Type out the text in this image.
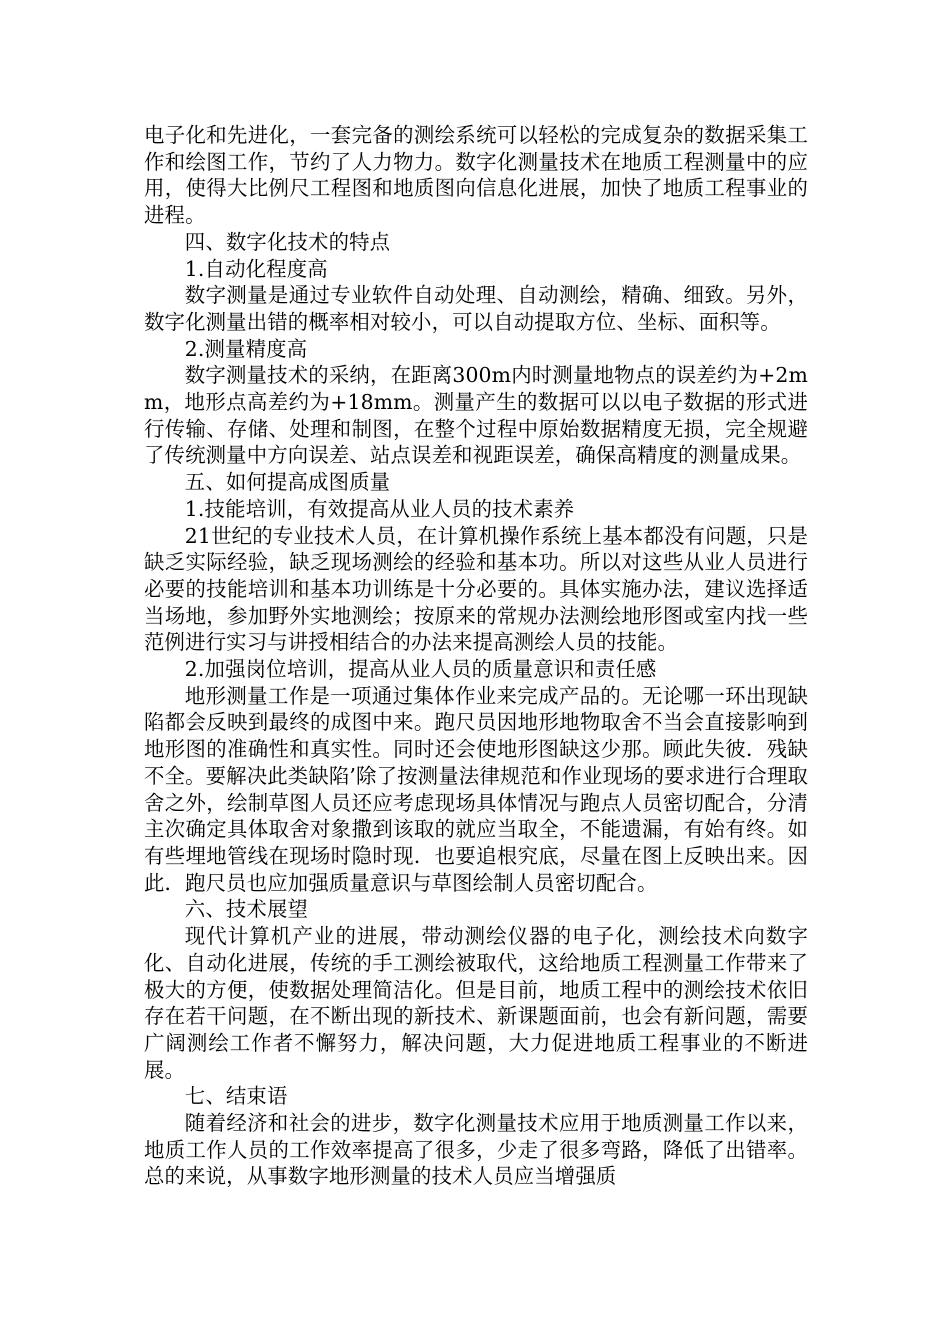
电子化和先进化，一套完备的测绘系统可以轻松的完成复杂的数据采集工作和绘图工作，节约了人力物力。数字化测量技术在地质工程测量中的应用，使得大比例尺工程图和地质图向信息化进展，加快了地质工程事业的进程。

四、数字化技术的特点

1.自动化程度高

数字测量是通过专业软件自动处理、自动测绘，精确、细致。另外，数字化测量出错的概率相对较小，可以自动提取方位、坐标、面积等。

2.测量精度高

数字测量技术的采纳，在距离300m内时测量地物点的误差约为+2mm，地形点高差约为+18mm。测量产生的数据可以以电子数据的形式进行传输、存储、处理和制图，在整个过程中原始数据精度无损，完全规避了传统测量中方向误差、站点误差和视距误差，确保高精度的测量成果。

五、如何提高成图质量

1.技能培训，有效提高从业人员的技术素养

21世纪的专业技术人员，在计算机操作系统上基本都没有问题，只是缺乏实际经验，缺乏现场测绘的经验和基本功。所以对这些从业人员进行必要的技能培训和基本功训练是十分必要的。具体实施办法，建议选择适当场地，参加野外实地测绘；按原来的常规办法测绘地形图或室内找一些范例进行实习与讲授相结合的办法来提高测绘人员的技能。

2.加强岗位培训，提高从业人员的质量意识和责任感

地形测量工作是一项通过集体作业来完成产品的。无论哪一环出现缺陷都会反映到最终的成图中来。跑尺员因地形地物取舍不当会直接影响到地形图的准确性和真实性。同时还会使地形图缺这少那。顾此失彼．残缺不全。要解决此类缺陷’除了按测量法律规范和作业现场的要求进行合理取舍之外，绘制草图人员还应考虑现场具体情况与跑点人员密切配合，分清主次确定具体取舍对象撒到该取的就应当取全，不能遗漏，有始有终。如有些埋地管线在现场时隐时现．也要追根究底，尽量在图上反映出来。因此．跑尺员也应加强质量意识与草图绘制人员密切配合。

六、技术展望

现代计算机产业的进展，带动测绘仪器的电子化，测绘技术向数字化、自动化进展，传统的手工测绘被取代，这给地质工程测量工作带来了极大的方便，使数据处理简洁化。但是目前，地质工程中的测绘技术依旧存在若干问题，在不断出现的新技术、新课题面前，也会有新问题，需要广阔测绘工作者不懈努力，解决问题，大力促进地质工程事业的不断进展。

七、结束语

随着经济和社会的进步，数字化测量技术应用于地质测量工作以来，地质工作人员的工作效率提高了很多，少走了很多弯路，降低了出错率。总的来说，从事数字地形测量的技术人员应当增强质
